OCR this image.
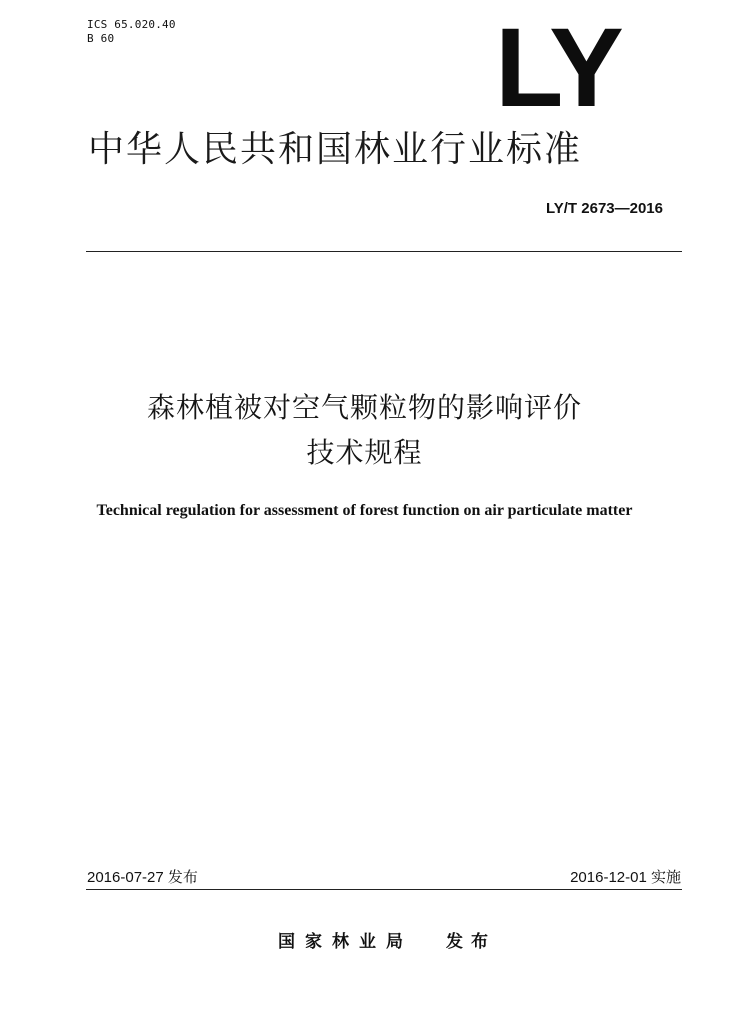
ICS 65.020.40
B 60	LY
中华人民共和国林业行业标准
LY/T 2673—2016
森林植被对空气颗粒物的影响评价
技术规程
Technical regulation for assessment of forest function on air particulate matter
2016-07-27 发布	2016-12-01 实施
国家林业局 发布
